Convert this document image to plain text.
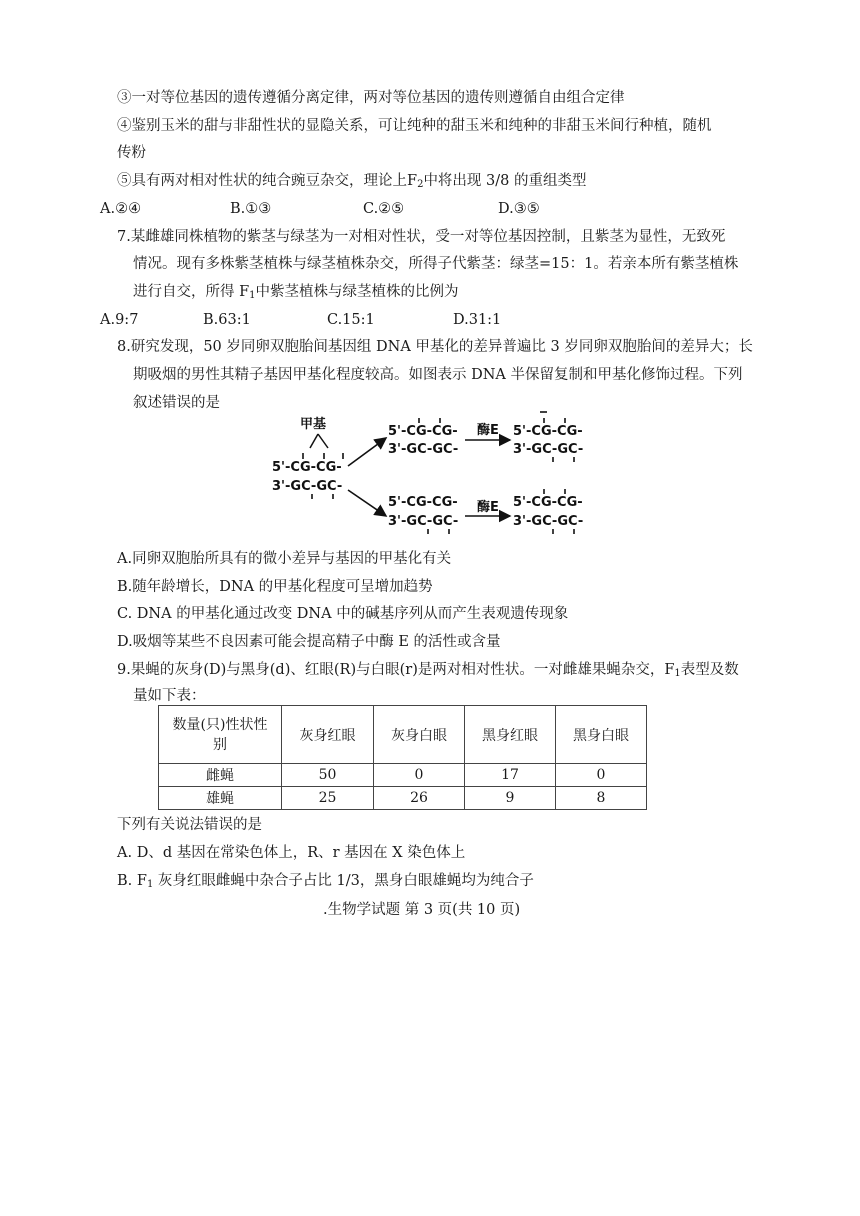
③一对等位基因的遗传遵循分离定律，两对等位基因的遗传则遵循自由组合定律
④鉴别玉米的甜与非甜性状的显隐关系，可让纯种的甜玉米和纯种的非甜玉米间行种植，随机
传粉
⑤具有两对相对性状的纯合豌豆杂交，理论上$F_2$中将出现 3/8 的重组类型
A.②④	B.①③	C.②⑤	D.③⑤
7.某雌雄同株植物的紫茎与绿茎为一对相对性状，受一对等位基因控制，且紫茎为显性，无致死
情况。现有多株紫茎植株与绿茎植株杂交，所得子代紫茎：绿茎=15：1。若亲本所有紫茎植株
进行自交，所得 $F_1$中紫茎植株与绿茎植株的比例为
A.9:7	B.63:1	C.15:1	D.31:1
8.研究发现，50 岁同卵双胞胎间基因组 DNA 甲基化的差异普遍比 3 岁同卵双胞胎间的差异大；长
期吸烟的男性其精子基因甲基化程度较高。如图表示 DNA 半保留复制和甲基化修饰过程。下列
叙述错误的是
甲基
5'-CG-CG-
3'-GC-GC-
5'-CG-CG-
3'-GC-GC-
5'-CG-CG-
3'-GC-GC-
酶E
酶E
5'-CG-CG-
3'-GC-GC-
5'-CG-CG-
3'-GC-GC-
A.同卵双胞胎所具有的微小差异与基因的甲基化有关
B.随年龄增长，DNA 的甲基化程度可呈增加趋势
C. DNA 的甲基化通过改变 DNA 中的碱基序列从而产生表观遗传现象
D.吸烟等某些不良因素可能会提高精子中酶 E 的活性或含量
9.果蝇的灰身(D)与黑身(d)、红眼(R)与白眼(r)是两对相对性状。一对雌雄果蝇杂交，$F_1$表型及数
量如下表：
数量(只)性状性
别	灰身红眼	灰身白眼	黑身红眼	黑身白眼
雌蝇	50	0	17	0
雄蝇	25	26	9	8
下列有关说法错误的是
A. D、d 基因在常染色体上，R、r 基因在 X 染色体上
B. $F_1$ 灰身红眼雌蝇中杂合子占比 1/3，黑身白眼雄蝇均为纯合子
.生物学试题 第 3 页(共 10 页)
